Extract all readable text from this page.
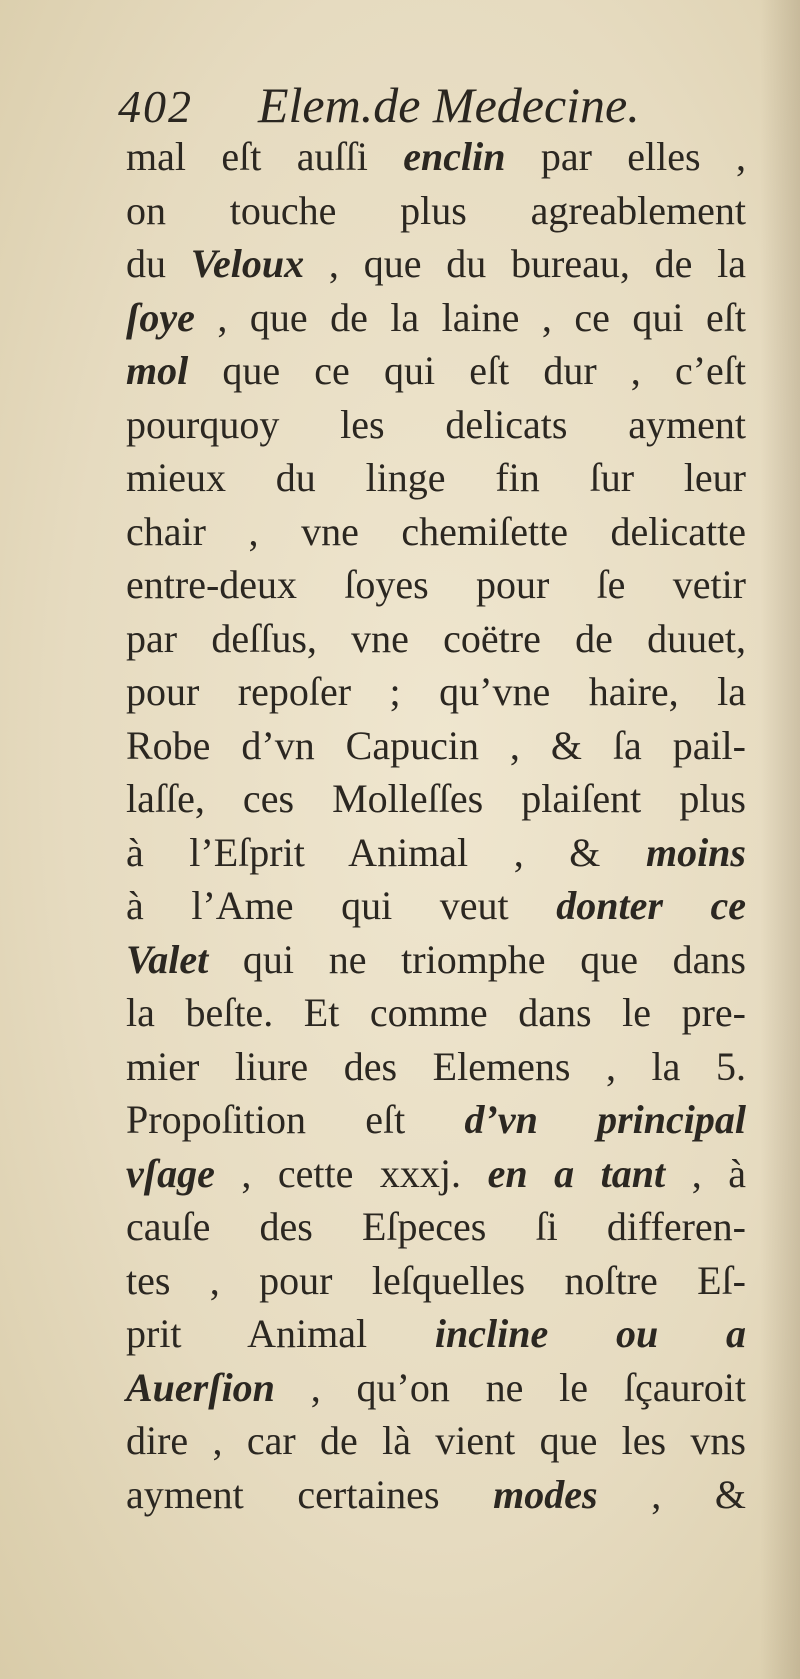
402 Elem.de Medecine.
mal eſt auſſi enclin par elles ,
on touche plus agreablement
du Veloux , que du bureau, de la
ſoye , que de la laine , ce qui eſt
mol que ce qui eſt dur , c’eſt
pourquoy les delicats ayment
mieux du linge fin ſur leur
chair , vne chemiſette delicatte
entre-deux ſoyes pour ſe vetir
par deſſus, vne coëtre de duuet,
pour repoſer ; qu’vne haire, la
Robe d’vn Capucin , & ſa pail-
laſſe, ces Molleſſes plaiſent plus
à l’Eſprit Animal , & moins
à l’Ame qui veut donter ce
Valet qui ne triomphe que dans
la beſte. Et comme dans le pre-
mier liure des Elemens , la 5.
Propoſition eſt d’vn principal
vſage , cette xxxj. en a tant , à
cauſe des Eſpeces ſi differen-
tes , pour leſquelles noſtre Eſ-
prit Animal incline ou a
Auerſion , qu’on ne le ſçauroit
dire , car de là vient que les vns
ayment certaines modes , &
